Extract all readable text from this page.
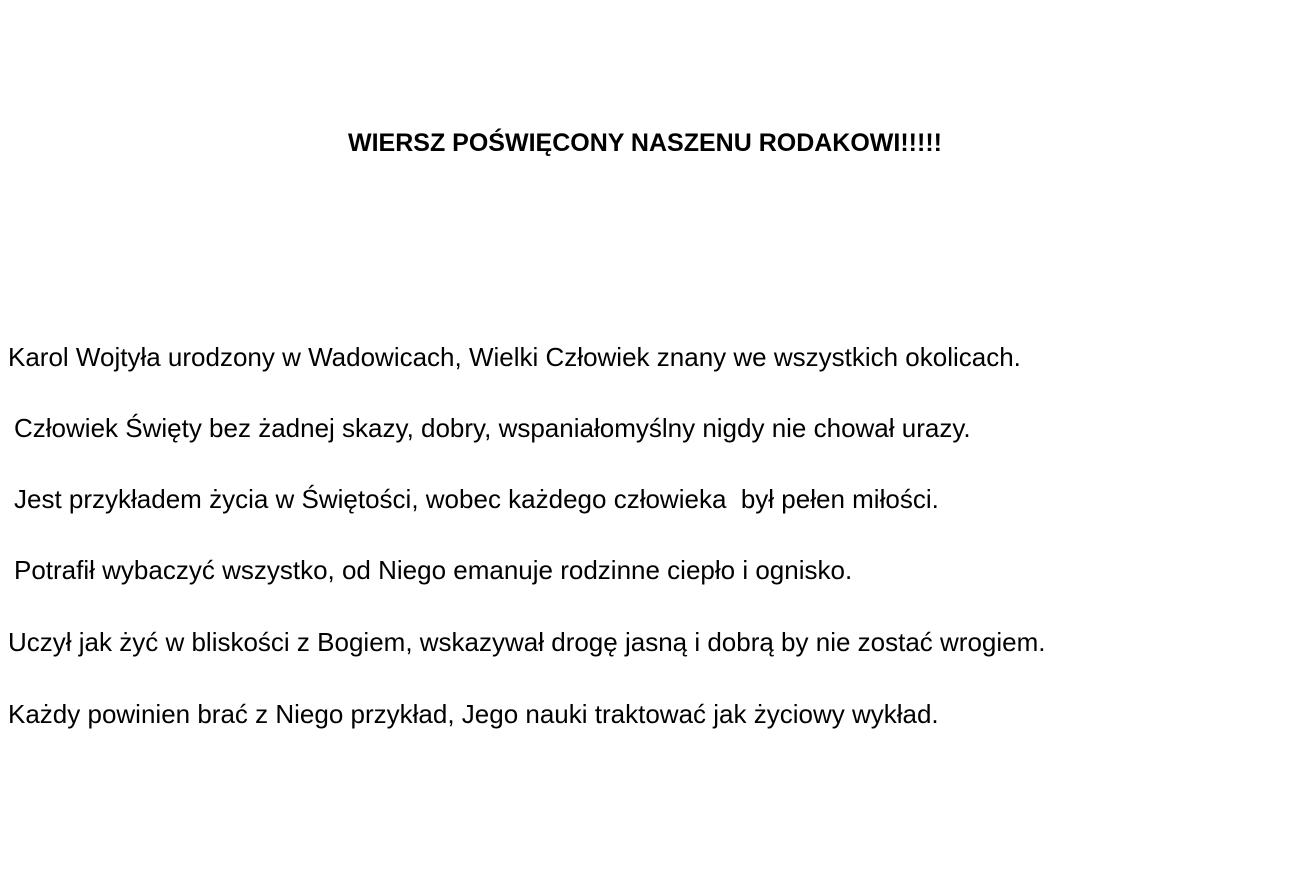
WIERSZ POŚWIĘCONY NASZENU RODAKOWI!!!!!
Karol Wojtyła urodzony w Wadowicach, Wielki Człowiek znany we wszystkich okolicach.
Człowiek Święty bez żadnej skazy, dobry, wspaniałomyślny nigdy nie chował urazy.
Jest przykładem życia w Świętości, wobec każdego człowieka  był pełen miłości.
Potrafił wybaczyć wszystko, od Niego emanuje rodzinne ciepło i ognisko.
Uczył jak żyć w bliskości z Bogiem, wskazywał drogę jasną i dobrą by nie zostać wrogiem.
Każdy powinien brać z Niego przykład, Jego nauki traktować jak życiowy wykład.
